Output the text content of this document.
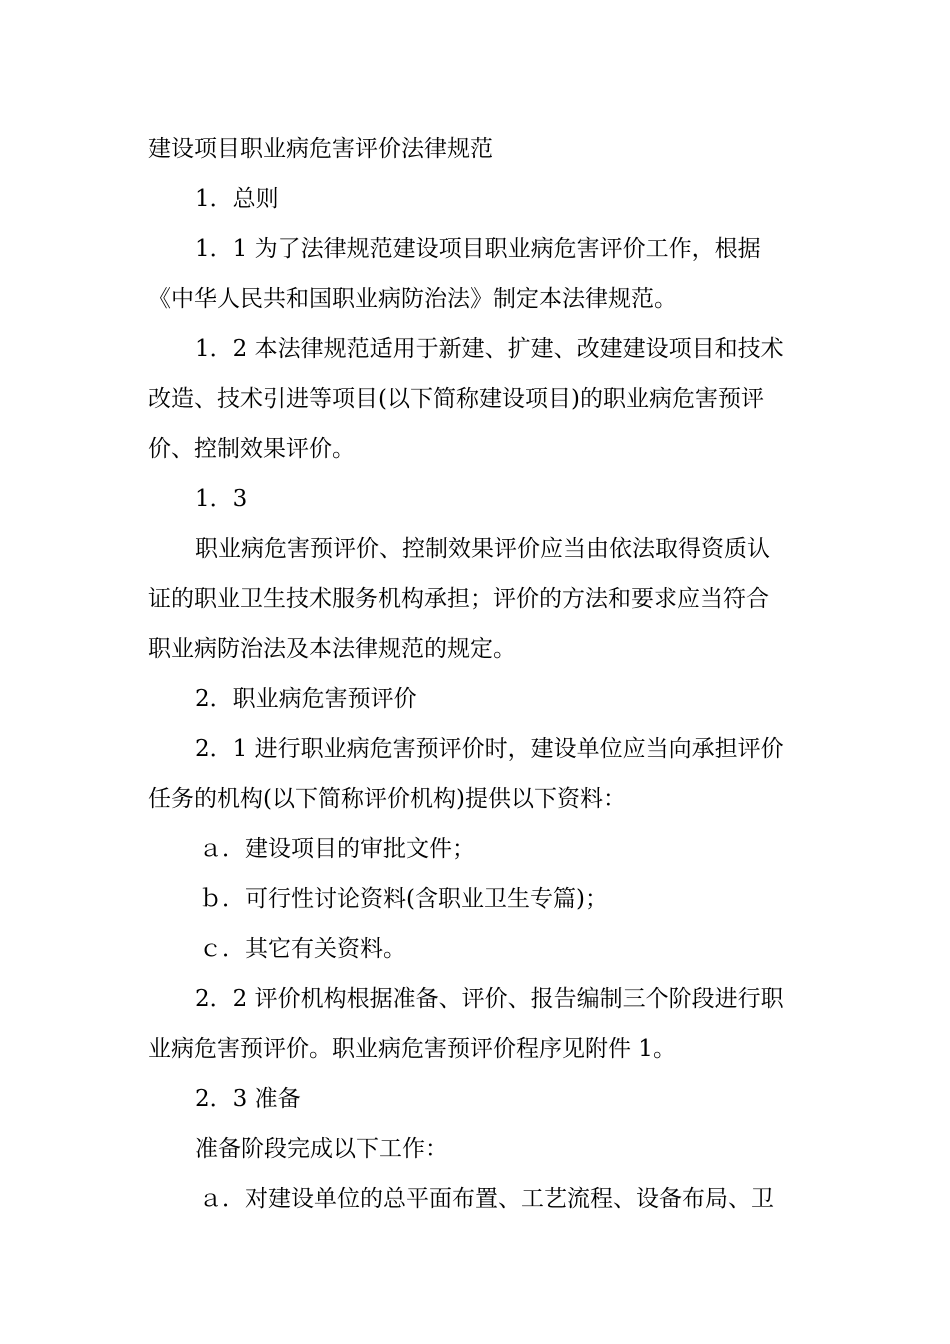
建设项目职业病危害评价法律规范
1．总则
1．1 为了法律规范建设项目职业病危害评价工作，根据
《中华人民共和国职业病防治法》制定本法律规范。
1．2 本法律规范适用于新建、扩建、改建建设项目和技术
改造、技术引进等项目(以下简称建设项目)的职业病危害预评
价、控制效果评价。
1．3
职业病危害预评价、控制效果评价应当由依法取得资质认
证的职业卫生技术服务机构承担；评价的方法和要求应当符合
职业病防治法及本法律规范的规定。
2．职业病危害预评价
2．1 进行职业病危害预评价时，建设单位应当向承担评价
任务的机构(以下简称评价机构)提供以下资料：
ａ．建设项目的审批文件；
ｂ．可行性讨论资料(含职业卫生专篇)；
ｃ．其它有关资料。
2．2 评价机构根据准备、评价、报告编制三个阶段进行职
业病危害预评价。职业病危害预评价程序见附件 1。
2．3 准备
准备阶段完成以下工作：
ａ．对建设单位的总平面布置、工艺流程、设备布局、卫
